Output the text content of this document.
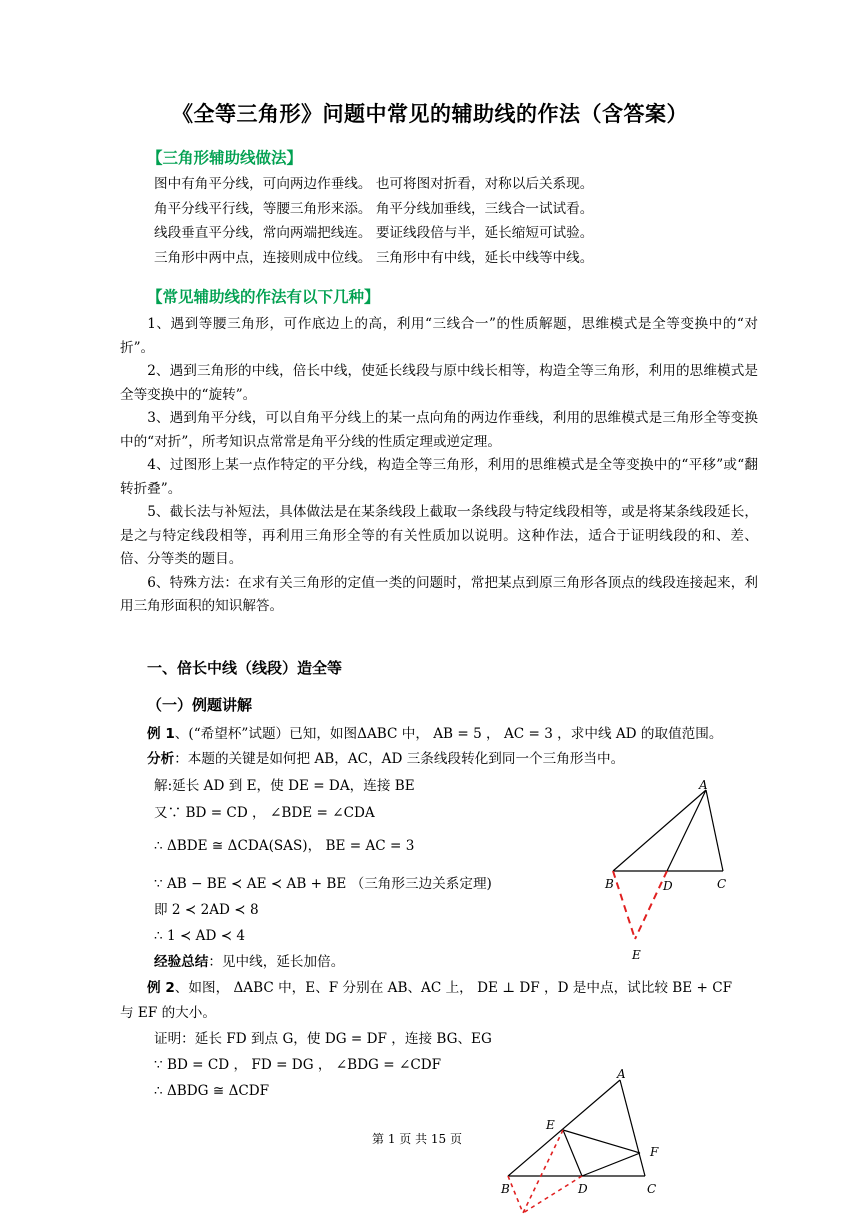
《全等三角形》问题中常见的辅助线的作法（含答案）
【三角形辅助线做法】
图中有角平分线，可向两边作垂线。 也可将图对折看，对称以后关系现。
角平分线平行线，等腰三角形来添。 角平分线加垂线，三线合一试试看。
线段垂直平分线，常向两端把线连。 要证线段倍与半，延长缩短可试验。
三角形中两中点，连接则成中位线。 三角形中有中线，延长中线等中线。
【常见辅助线的作法有以下几种】
1、遇到等腰三角形，可作底边上的高，利用“三线合一”的性质解题，思维模式是全等变换中的“对折”。
2、遇到三角形的中线，倍长中线，使延长线段与原中线长相等，构造全等三角形，利用的思维模式是全等变换中的“旋转”。
3、遇到角平分线，可以自角平分线上的某一点向角的两边作垂线，利用的思维模式是三角形全等变换中的“对折”，所考知识点常常是角平分线的性质定理或逆定理。
4、过图形上某一点作特定的平分线，构造全等三角形，利用的思维模式是全等变换中的“平移”或“翻转折叠”。
5、截长法与补短法，具体做法是在某条线段上截取一条线段与特定线段相等，或是将某条线段延长，是之与特定线段相等，再利用三角形全等的有关性质加以说明。这种作法，适合于证明线段的和、差、倍、分等类的题目。
6、特殊方法：在求有关三角形的定值一类的问题时，常把某点到原三角形各顶点的线段连接起来，利用三角形面积的知识解答。
一、倍长中线（线段）造全等
（一）例题讲解
例 1、(“希望杯”试题）已知，如图ΔABC 中， AB = 5 ， AC = 3 ，求中线 AD 的取值范围。
分析：本题的关键是如何把 AB，AC，AD 三条线段转化到同一个三角形当中。
解:延长 AD 到 E，使 DE = DA，连接 BE
又∵ BD = CD ， ∠BDE = ∠CDA
∴ ΔBDE ≅ ΔCDA(SAS)， BE = AC = 3
∵ AB − BE ≺ AE ≺ AB + BE （三角形三边关系定理)
即 2 ≺ 2AD ≺ 8
∴ 1 ≺ AD ≺ 4
经验总结：见中线，延长加倍。
A
B	C
D
E
例 2、如图， ΔABC 中，E、F 分别在 AB、AC 上， DE ⊥ DF ，D 是中点，试比较 BE + CF
与 EF 的大小。
证明：延长 FD 到点 G，使 DG = DF ，连接 BG、EG
∵ BD = CD ， FD = DG ， ∠BDG = ∠CDF
∴ ΔBDG ≅ ΔCDF
A
B	C
D
E
F
第 1 页 共 15 页
